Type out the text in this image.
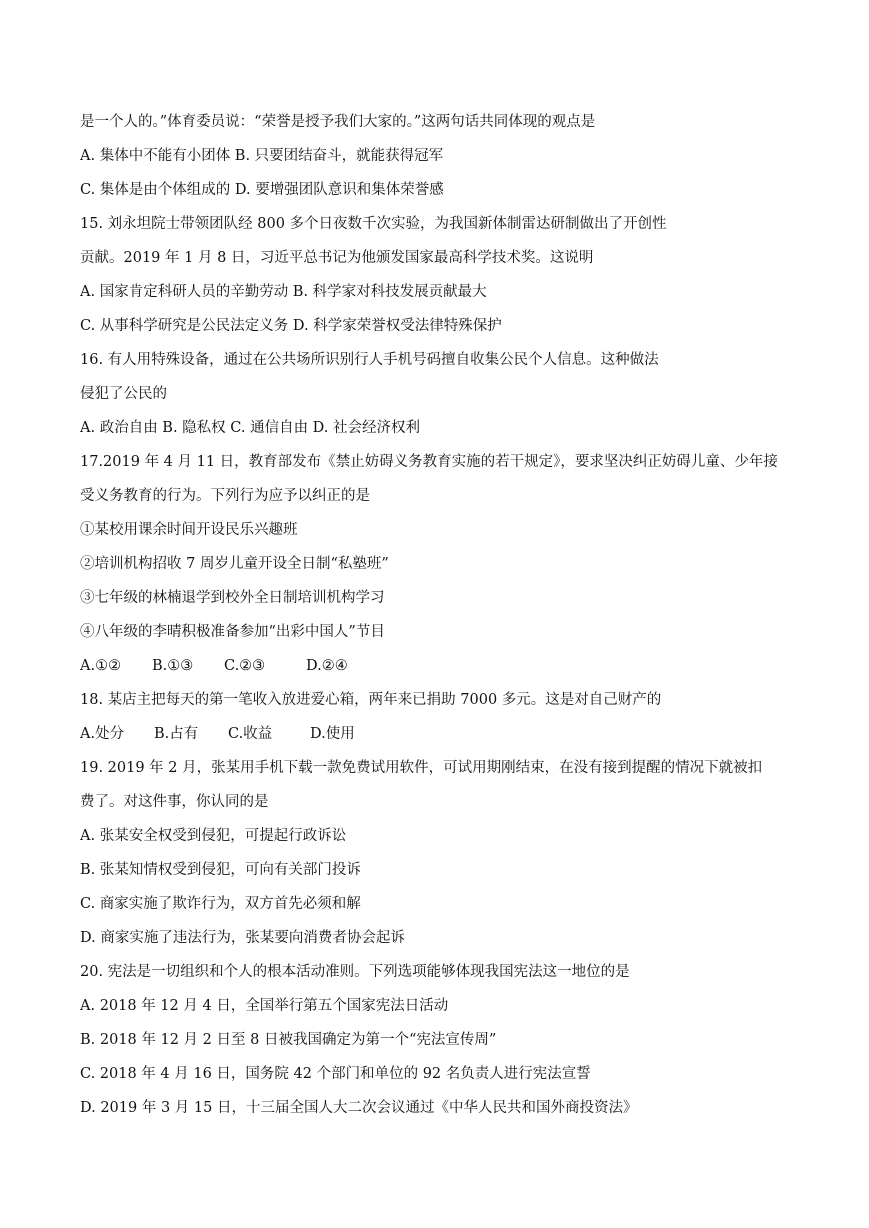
是一个人的。”体育委员说：“荣誉是授予我们大家的。”这两句话共同体现的观点是
A. 集体中不能有小团体 B. 只要团结奋斗，就能获得冠军
C. 集体是由个体组成的 D. 要增强团队意识和集体荣誉感
15. 刘永坦院士带领团队经 800 多个日夜数千次实验，为我国新体制雷达研制做出了开创性
贡献。2019 年 1 月 8 日，习近平总书记为他颁发国家最高科学技术奖。这说明
A. 国家肯定科研人员的辛勤劳动 B. 科学家对科技发展贡献最大
C. 从事科学研究是公民法定义务 D. 科学家荣誉权受法律特殊保护
16. 有人用特殊设备，通过在公共场所识别行人手机号码擅自收集公民个人信息。这种做法
侵犯了公民的
A. 政治自由 B. 隐私权 C. 通信自由 D. 社会经济权利
17.2019 年 4 月 11 日，教育部发布《禁止妨碍义务教育实施的若干规定》，要求坚决纠正妨碍儿童、少年接
受义务教育的行为。下列行为应予以纠正的是
①某校用课余时间开设民乐兴趣班
②培训机构招收 7 周岁儿童开设全日制“私塾班”
③七年级的林楠退学到校外全日制培训机构学习
④八年级的李晴积极准备参加“出彩中国人”节目
A.①② B.①③ C.②③	D.②④
18. 某店主把每天的第一笔收入放进爱心箱，两年来已捐助 7000 多元。这是对自己财产的
A.处分 B.占有 C.收益	D.使用
19. 2019 年 2 月，张某用手机下载一款免费试用软件，可试用期刚结束，在没有接到提醒的情况下就被扣
费了。对这件事，你认同的是
A. 张某安全权受到侵犯，可提起行政诉讼
B. 张某知情权受到侵犯，可向有关部门投诉
C. 商家实施了欺诈行为，双方首先必须和解
D. 商家实施了违法行为，张某要向消费者协会起诉
20. 宪法是一切组织和个人的根本活动准则。下列选项能够体现我国宪法这一地位的是
A. 2018 年 12 月 4 日，全国举行第五个国家宪法日活动
B. 2018 年 12 月 2 日至 8 日被我国确定为第一个“宪法宣传周”
C. 2018 年 4 月 16 日，国务院 42 个部门和单位的 92 名负责人进行宪法宣誓
D. 2019 年 3 月 15 日，十三届全国人大二次会议通过《中华人民共和国外商投资法》
